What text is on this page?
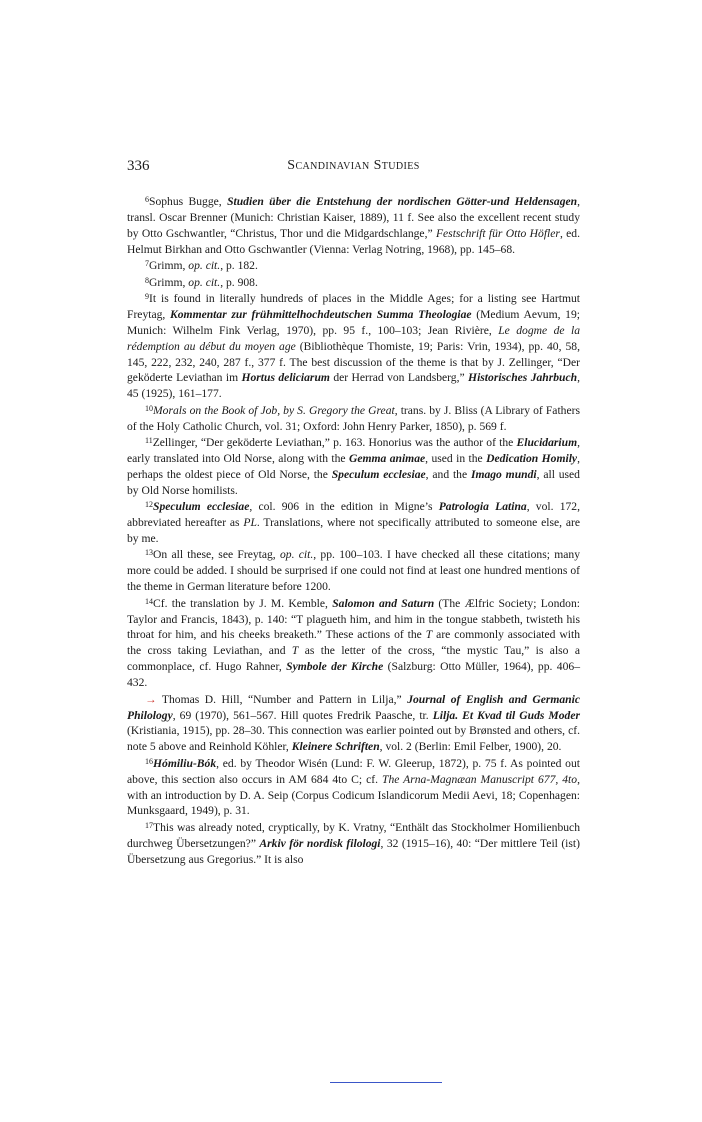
336	Scandinavian Studies

$^6$Sophus Bugge, Studien über die Entstehung der nordischen Götter-und Heldensagen, transl. Oscar Brenner (Munich: Christian Kaiser, 1889), 11 f. See also the excellent recent study by Otto Gschwantler, “Christus, Thor und die Midgardschlange,” Festschrift für Otto Höfler, ed. Helmut Birkhan and Otto Gschwantler (Vienna: Verlag Notring, 1968), pp. 145–68.

$^7$Grimm, op. cit., p. 182.

$^8$Grimm, op. cit., p. 908.

$^9$It is found in literally hundreds of places in the Middle Ages; for a listing see Hartmut Freytag, Kommentar zur frühmittelhochdeutschen Summa Theologiae (Medium Aevum, 19; Munich: Wilhelm Fink Verlag, 1970), pp. 95 f., 100–103; Jean Rivière, Le dogme de la rédemption au début du moyen age (Bibliothèque Thomiste, 19; Paris: Vrin, 1934), pp. 40, 58, 145, 222, 232, 240, 287 f., 377 f. The best discussion of the theme is that by J. Zellinger, “Der geköderte Leviathan im Hortus deliciarum der Herrad von Landsberg,” Historisches Jahrbuch, 45 (1925), 161–177.

$^{10}$Morals on the Book of Job, by S. Gregory the Great, trans. by J. Bliss (A Library of Fathers of the Holy Catholic Church, vol. 31; Oxford: John Henry Parker, 1850), p. 569 f.

$^{11}$Zellinger, “Der geköderte Leviathan,” p. 163. Honorius was the author of the Elucidarium, early translated into Old Norse, along with the Gemma animae, used in the Dedication Homily, perhaps the oldest piece of Old Norse, the Speculum ecclesiae, and the Imago mundi, all used by Old Norse homilists.

$^{12}$Speculum ecclesiae, col. 906 in the edition in Migne’s Patrologia Latina, vol. 172, abbreviated hereafter as PL. Translations, where not specifically attributed to someone else, are by me.

$^{13}$On all these, see Freytag, op. cit., pp. 100–103. I have checked all these citations; many more could be added. I should be surprised if one could not find at least one hundred mentions of the theme in German literature before 1200.

$^{14}$Cf. the translation by J. M. Kemble, Salomon and Saturn (The Ælfric Society; London: Taylor and Francis, 1843), p. 140: “T plagueth him, and him in the tongue stabbeth, twisteth his throat for him, and his cheeks breaketh.” These actions of the T are commonly associated with the cross taking Leviathan, and T as the letter of the cross, “the mystic Tau,” is also a commonplace, cf. Hugo Rahner, Symbole der Kirche (Salzburg: Otto Müller, 1964), pp. 406–432.

→ Thomas D. Hill, “Number and Pattern in Lilja,” Journal of English and Germanic Philology, 69 (1970), 561–567. Hill quotes Fredrik Paasche, tr. Lilja. Et Kvad til Guds Moder (Kristiania, 1915), pp. 28–30. This connection was earlier pointed out by Brønsted and others, cf. note 5 above and Reinhold Köhler, Kleinere Schriften, vol. 2 (Berlin: Emil Felber, 1900), 20.

$^{16}$Hómiliu-Bók, ed. by Theodor Wisén (Lund: F. W. Gleerup, 1872), p. 75 f. As pointed out above, this section also occurs in AM 684 4to C; cf. The Arna-Magnæan Manuscript 677, 4to, with an introduction by D. A. Seip (Corpus Codicum Islandicorum Medii Aevi, 18; Copenhagen: Munksgaard, 1949), p. 31.

$^{17}$This was already noted, cryptically, by K. Vratny, “Enthält das Stockholmer Homilienbuch durchweg Übersetzungen?” Arkiv för nordisk filologi, 32 (1915–16), 40: “Der mittlere Teil (ist) Übersetzung aus Gregorius.” It is also
